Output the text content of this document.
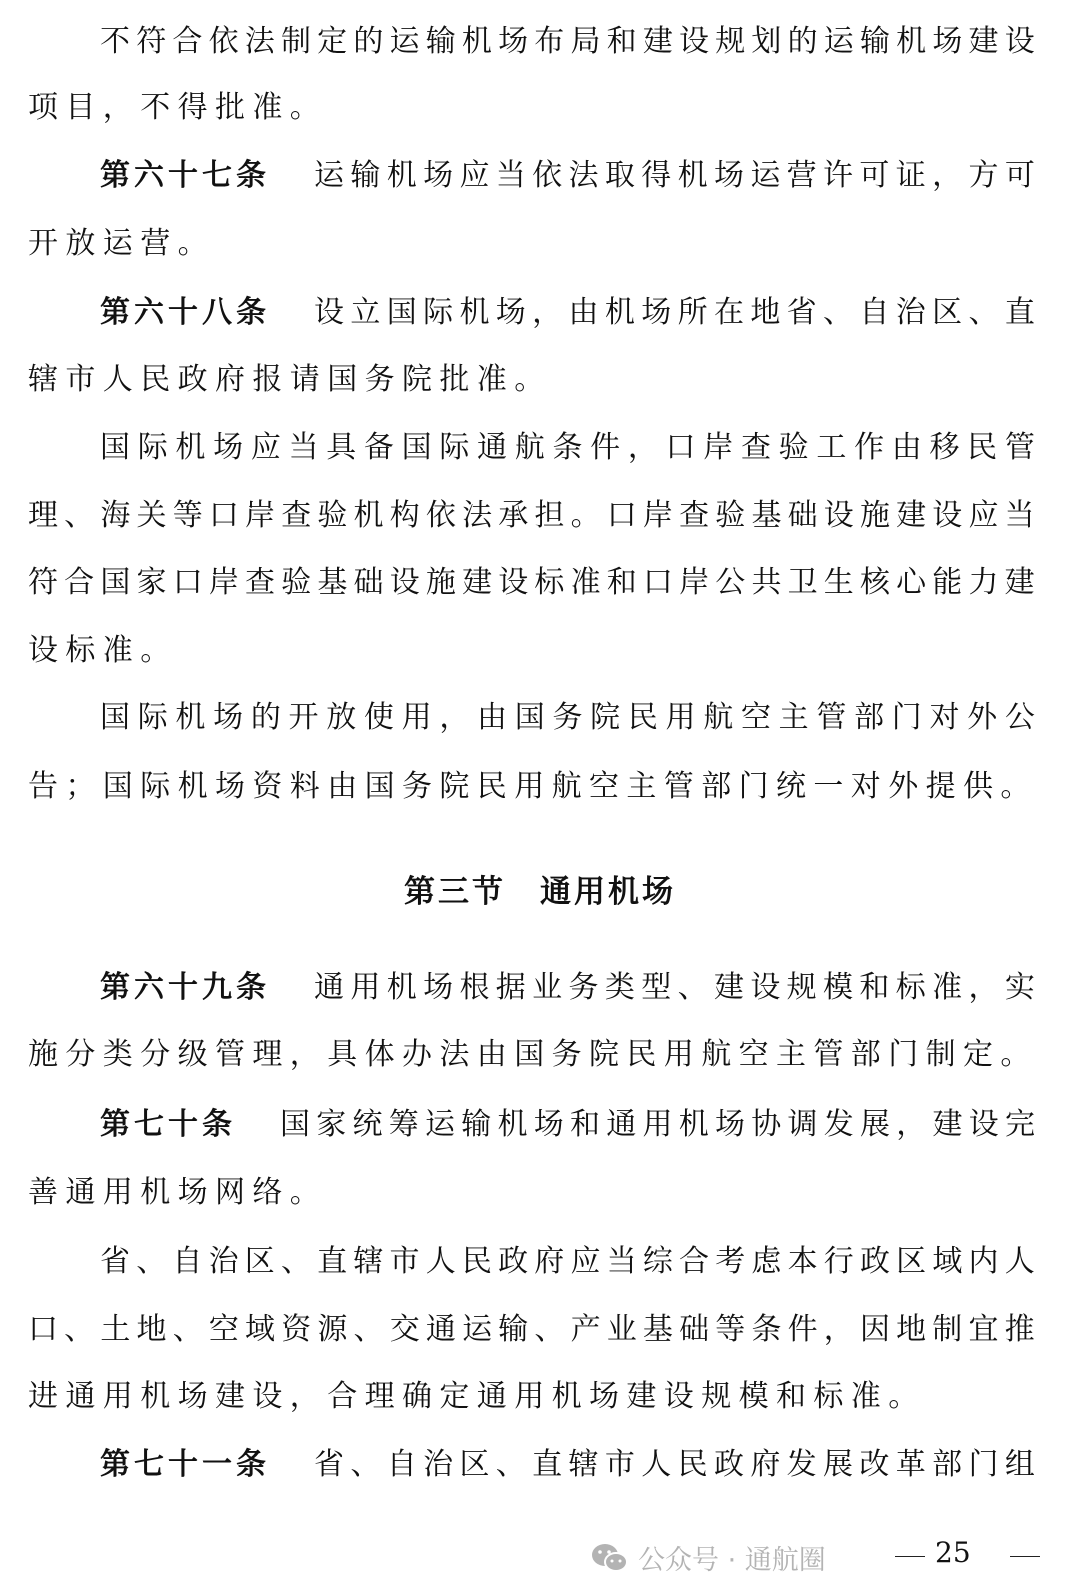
不 符 合 依 法 制 定 的 运 输 机 场 布 局 和 建 设 规 划 的 运 输 机 场 建 设
项目，不得批准。
第六十七条 运 输 机 场 应 当 依 法 取 得 机 场 运 营 许 可 证 ， 方 可
开放运营。
第六十八条 设 立 国 际 机 场 ， 由 机 场 所 在 地 省 、 自 治 区 、 直
辖市人民政府报请国务院批准。
国 际 机 场 应 当 具 备 国 际 通 航 条 件 ， 口 岸 查 验 工 作 由 移 民 管
理 、 海 关 等 口 岸 查 验 机 构 依 法 承 担 。 口 岸 查 验 基 础 设 施 建 设 应 当
符 合 国 家 口 岸 查 验 基 础 设 施 建 设 标 准 和 口 岸 公 共 卫 生 核 心 能 力 建
设标准。
国 际 机 场 的 开 放 使 用 ， 由 国 务 院 民 用 航 空 主 管 部 门 对 外 公
告；国际机场资料由国务院民用航空主管部门统一对外提供。
第六十九条 通 用 机 场 根 据 业 务 类 型 、 建 设 规 模 和 标 准 ， 实
施分类分级管理，具体办法由国务院民用航空主管部门制定。
第七十条 国 家 统 筹 运 输 机 场 和 通 用 机 场 协 调 发 展 ， 建 设 完
善通用机场网络。
省 、 自 治 区 、 直 辖 市 人 民 政 府 应 当 综 合 考 虑 本 行 政 区 域 内 人
口 、 土 地 、 空 域 资 源 、 交 通 运 输 、 产 业 基 础 等 条 件 ， 因 地 制 宜 推
进通用机场建设，合理确定通用机场建设规模和标准。
第七十一条 省 、 自 治 区 、 直 辖 市 人 民 政 府 发 展 改 革 部 门 组
第三节　通用机场
公众号 · 通航圈	25
